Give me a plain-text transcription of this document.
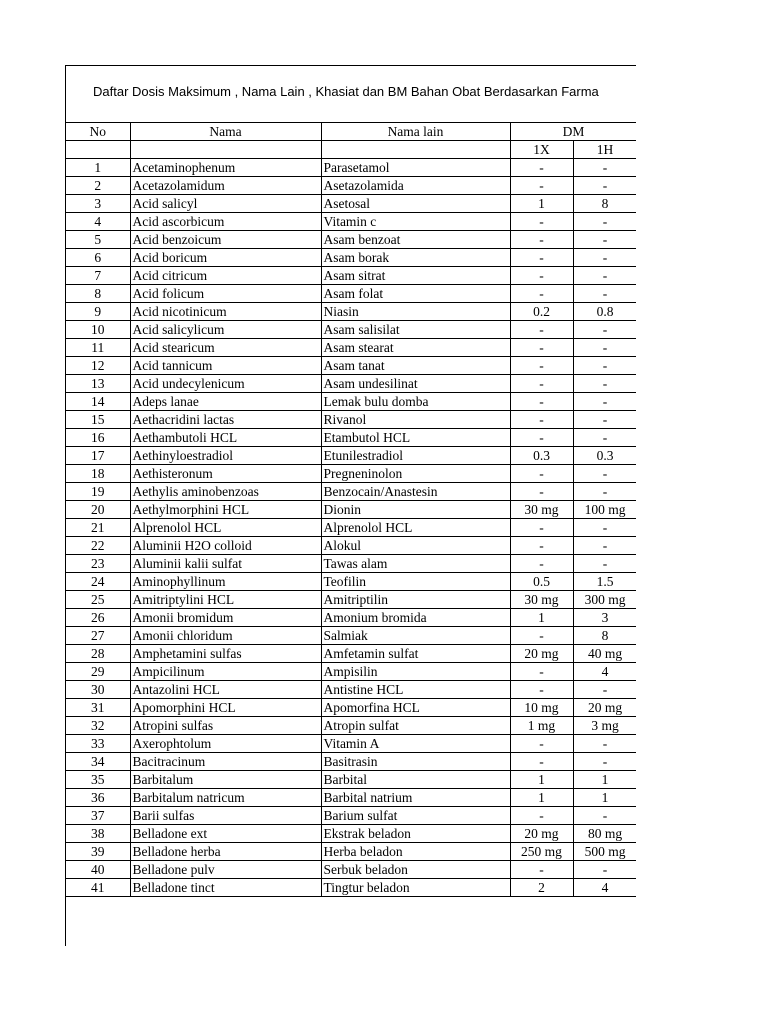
Daftar Dosis Maksimum , Nama Lain , Khasiat dan BM Bahan Obat Berdasarkan Farma
No	Nama	Nama lain	DM	
			1X	1H
1	Acetaminophenum	Parasetamol	-	-
2	Acetazolamidum	Asetazolamida	-	-
3	Acid salicyl	Asetosal	1	8
4	Acid ascorbicum	Vitamin c	-	-
5	Acid benzoicum	Asam benzoat	-	-
6	Acid boricum	Asam borak	-	-
7	Acid citricum	Asam sitrat	-	-
8	Acid folicum	Asam folat	-	-
9	Acid nicotinicum	Niasin	0.2	0.8
10	Acid salicylicum	Asam salisilat	-	-
11	Acid stearicum	Asam stearat	-	-
12	Acid tannicum	Asam tanat	-	-
13	Acid undecylenicum	Asam undesilinat	-	-
14	Adeps lanae	Lemak bulu domba	-	-
15	Aethacridini lactas	Rivanol	-	-
16	Aethambutoli HCL	Etambutol HCL	-	-
17	Aethinyloestradiol	Etunilestradiol	0.3	0.3
18	Aethisteronum	Pregneninolon	-	-
19	Aethylis aminobenzoas	Benzocain/Anastesin	-	-
20	Aethylmorphini HCL	Dionin	30 mg	100 mg
21	Alprenolol HCL	Alprenolol HCL	-	-
22	Aluminii H2O colloid	Alokul	-	-
23	Aluminii kalii sulfat	Tawas alam	-	-
24	Aminophyllinum	Teofilin	0.5	1.5
25	Amitriptylini HCL	Amitriptilin	30 mg	300 mg
26	Amonii bromidum	Amonium bromida	1	3
27	Amonii chloridum	Salmiak	-	8
28	Amphetamini sulfas	Amfetamin sulfat	20 mg	40 mg
29	Ampicilinum	Ampisilin	-	4
30	Antazolini HCL	Antistine HCL	-	-
31	Apomorphini HCL	Apomorfina HCL	10 mg	20 mg
32	Atropini sulfas	Atropin sulfat	1 mg	3 mg
33	Axerophtolum	Vitamin A	-	-
34	Bacitracinum	Basitrasin	-	-
35	Barbitalum	Barbital	1	1
36	Barbitalum natricum	Barbital natrium	1	1
37	Barii sulfas	Barium sulfat	-	-
38	Belladone ext	Ekstrak beladon	20 mg	80 mg
39	Belladone herba	Herba beladon	250 mg	500 mg
40	Belladone pulv	Serbuk beladon	-	-
41	Belladone tinct	Tingtur beladon	2	4
